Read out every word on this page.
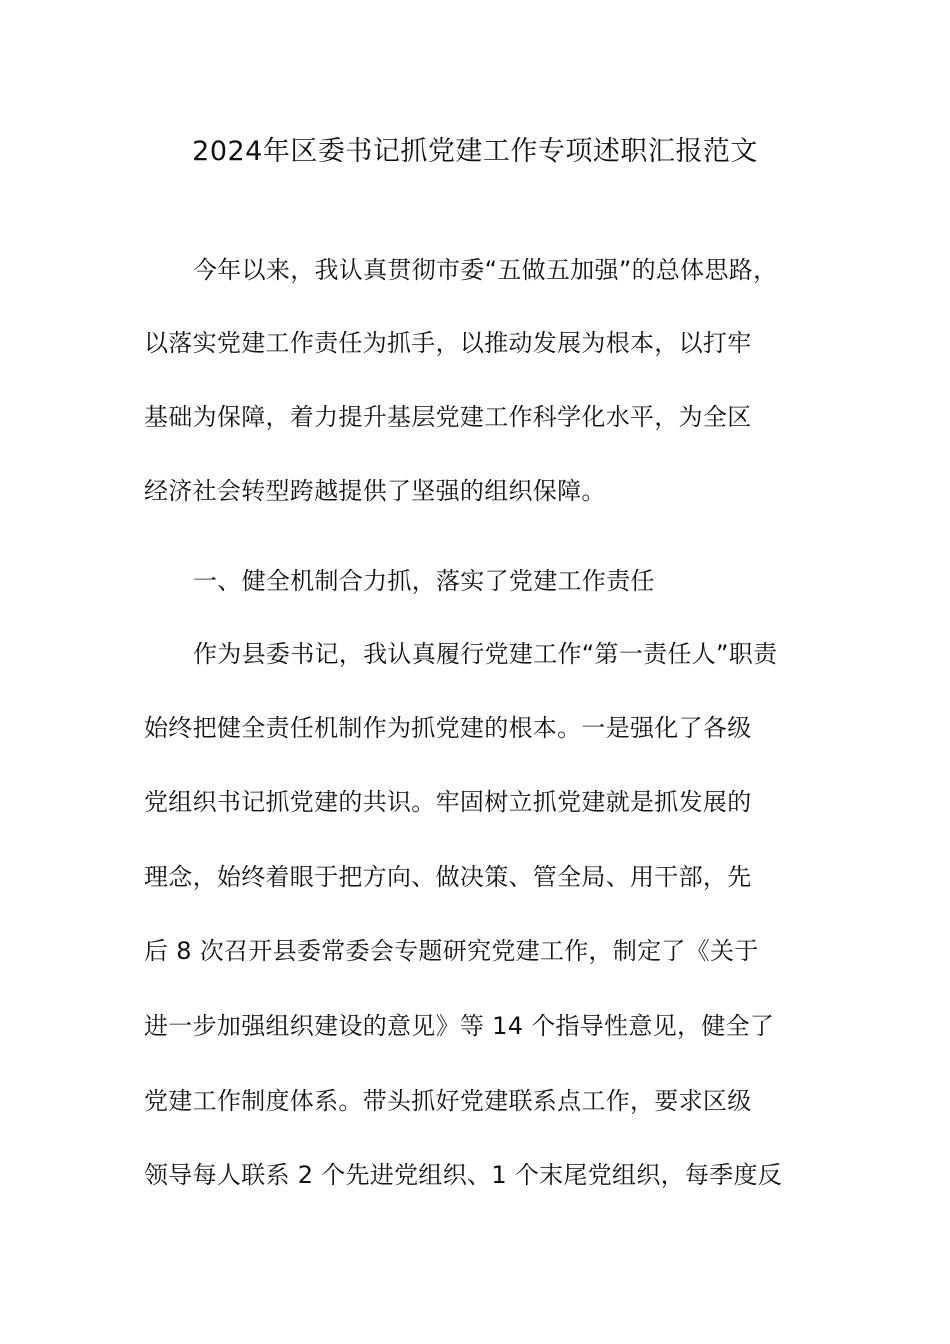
2024年区委书记抓党建工作专项述职汇报范文
今年以来，我认真贯彻市委“五做五加强”的总体思路，
以落实党建工作责任为抓手，以推动发展为根本，以打牢
基础为保障，着力提升基层党建工作科学化水平，为全区
经济社会转型跨越提供了坚强的组织保障。
一、健全机制合力抓，落实了党建工作责任
作为县委书记，我认真履行党建工作“第一责任人”职责
始终把健全责任机制作为抓党建的根本。一是强化了各级
党组织书记抓党建的共识。牢固树立抓党建就是抓发展的
理念，始终着眼于把方向、做决策、管全局、用干部，先
后 8 次召开县委常委会专题研究党建工作，制定了《关于
进一步加强组织建设的意见》等 14 个指导性意见，健全了
党建工作制度体系。带头抓好党建联系点工作，要求区级
领导每人联系 2 个先进党组织、1 个末尾党组织，每季度反
